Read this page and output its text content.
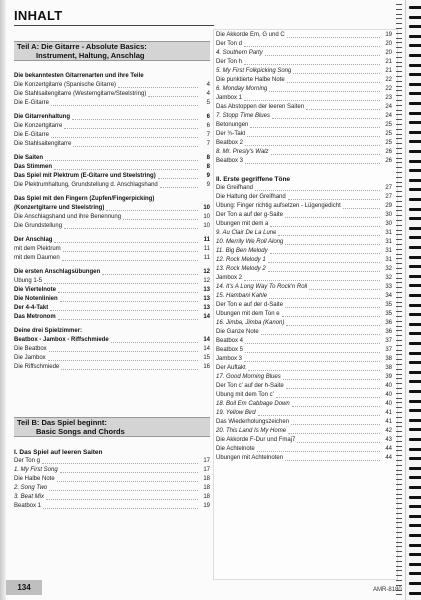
INHALT
Teil A: Die Gitarre - Absolute Basics:
Instrument, Haltung, Anschlag
Die bekanntesten Gitarrenarten und ihre Teile
Die Konzertgitarre (Spanische Gitarre)	4
Die Stahlsaitengitarre (Westerngitarre/Steelstring)	4
Die E-Gitarre	5
Die Gitarrenhaltung	6
Die Konzertgitarre	6
Die E-Gitarre	7
Die Stahlsaitengitarre	7
Die Saiten	8
Das Stimmen	8
Das Spiel mit Plektrum (E-Gitarre und Steelstring)	9
Die Plektrumhaltung, Grundstellung d. Anschlagshand	9
Das Spiel mit den Fingern (Zupfen/Fingerpicking)
(Konzertgitarre und Steelstring)	10
Die Anschlagshand und ihre Benennung	10
Die Grundstellung	10
Der Anschlag	11
mit dem Plektrum	11
mit dem Daumen	11
Die ersten Anschlagsübungen	12
Übung 1-5	12
Die Viertelnote	13
Die Notenlinien	13
Der 4-4-Takt	13
Das Metronom	14
Deine drei Spielzimmer:
Beatbox - Jambox - Riffschmiede	14
Die Beatbox	14
Die Jambox	15
Die Riffschmiede	16
Teil B: Das Spiel beginnt:
Basic Songs and Chords
I. Das Spiel auf leeren Saiten
Der Ton g	17
1. My First Song	17
Die Halbe Note	18
2. Song Two	18
3. Beat Mix	18
Beatbox 1	19
Die Akkorde Em, G und C	19
Der Ton d	20
4. Southern Party	20
Der Ton h	21
5. My First Folkpicking Song	21
Die punktierte Halbe Note	22
6. Monday Morning	22
Jambox 1	23
Das Abstoppen der leeren Saiten	24
7. Stopp Time Blues	24
Betonungen	25
Der ¾-Takt	25
Beatbox 2	25
8. Mr. Presly's Walz	26
Beatbox 3	26
II. Erste gegriffene Töne
Die Greifhand	27
Die Haltung der Greifhand	27
Übung: Finger richtig aufsetzen - Lügengedicht	29
Der Ton a auf der g-Saite	30
Übungen mit dem a	30
9. Au Clair De La Lune	31
10. Merrily We Roll Along	31
11. Big Ben Melody	31
12. Rock Melody 1	31
13. Rock Melody 2	32
Jambox 2	32
14. It's A Long Way To Rock'n Roll	33
15. Hambani Kahle	34
Der Ton e auf der d-Saite	35
Übungen mit dem Ton e	35
16. Jimba, Jimba (Kanon)	36
Die Ganze Note	36
Beatbox 4	37
Beatbox 5	37
Jambox 3	38
Der Auftakt	38
17. Good Morning Blues	39
Der Ton c' auf der h-Saite	40
Übung mit dem Ton c'	40
18. Boil Em Cabbage Down	40
19. Yellow Bird	41
Das Wiederholungszeichen	41
20. This Land Is My Home	42
Die Akkorde F-Dur und Fmaj7	43
Die Achtelnote	44
Übungen mit Achtelnoten	44
134	AMR-8180
